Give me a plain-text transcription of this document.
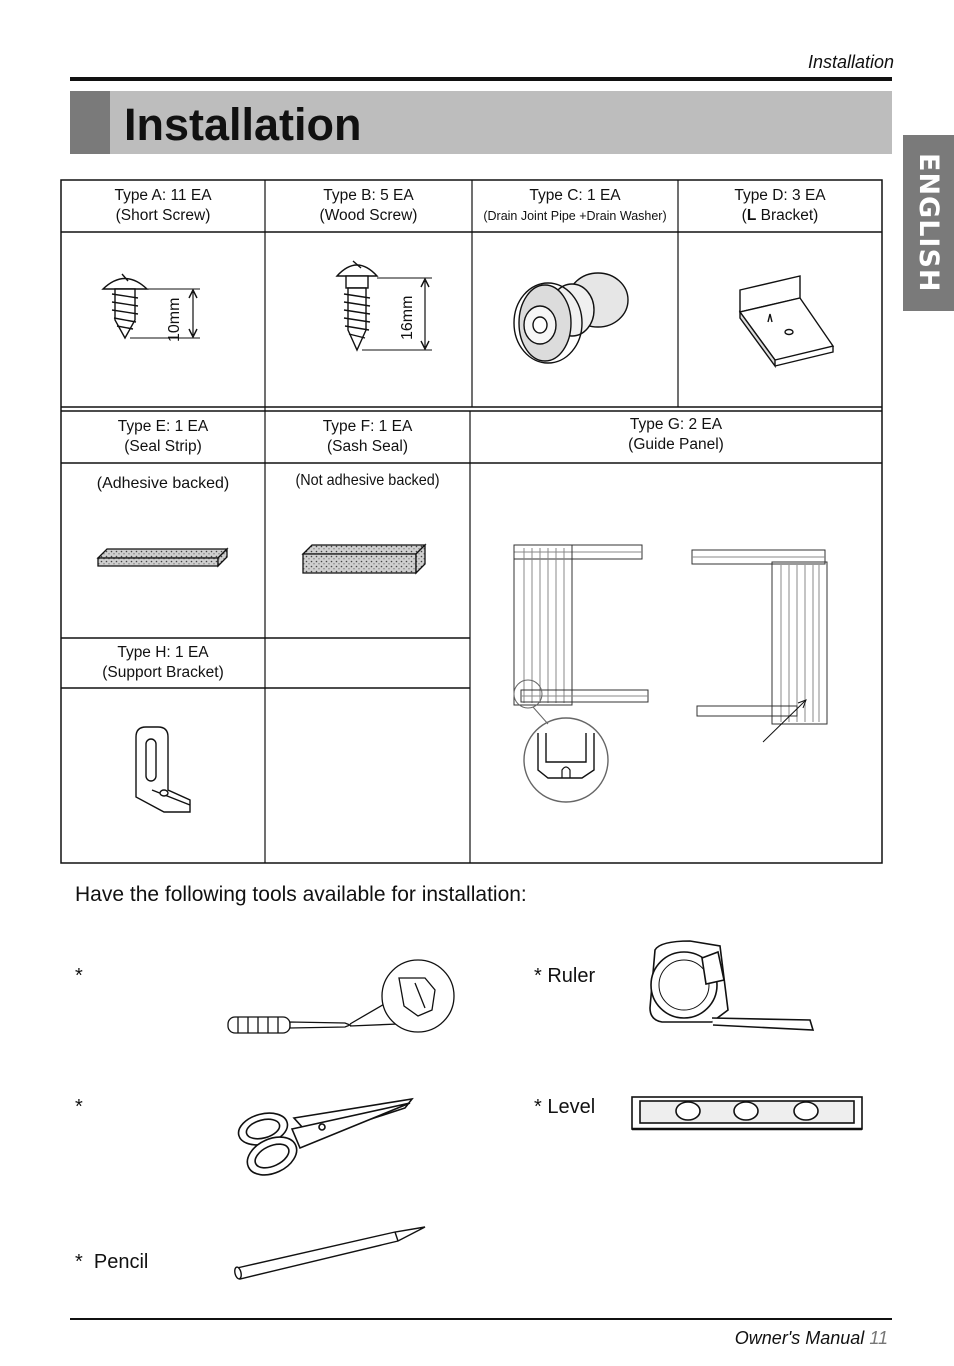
Installation
Installation
ENGLISH
Type A: 11 EA
(Short Screw)
Type B: 5 EA
(Wood Screw)
Type C: 1 EA
(Drain Joint Pipe +Drain Washer)
Type D: 3 EA
(L Bracket)
10mm	16mm
Type E: 1 EA
(Seal Strip)
Type F: 1 EA
(Sash Seal)
Type G: 2 EA
(Guide Panel)
(Adhesive backed)	(Not adhesive backed)
Type H: 1 EA
(Support Bracket)
Have the following tools available for installation:
*
*
*  Pencil
* Ruler
* Level
Owner's Manual 11
